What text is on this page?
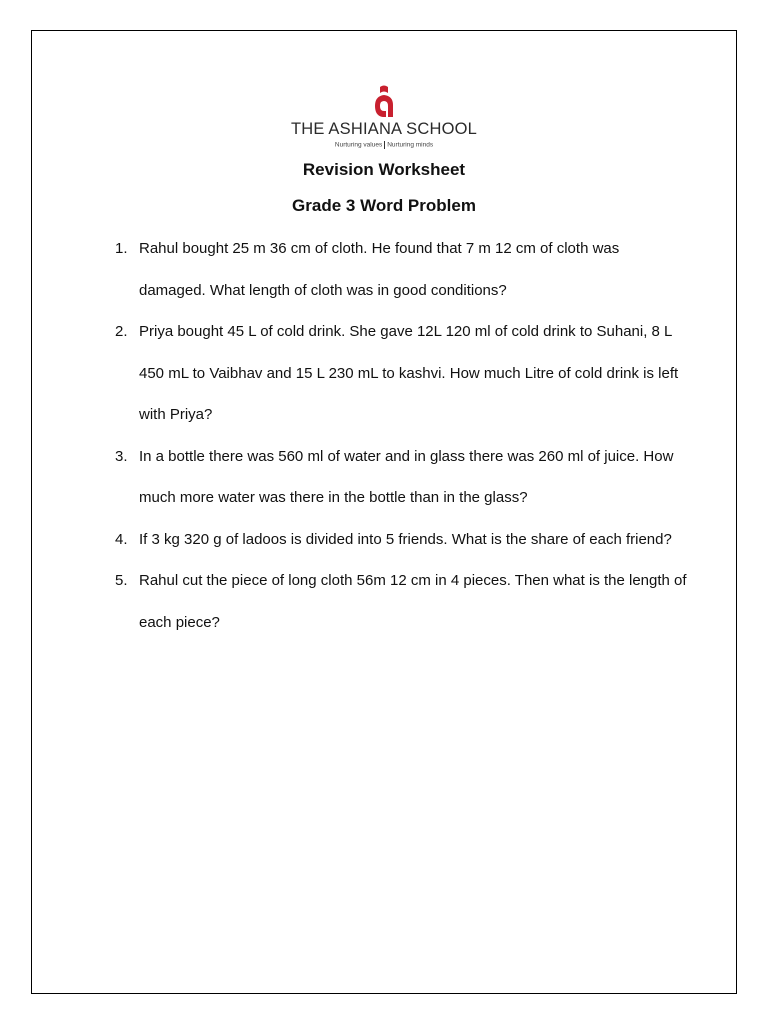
THE ASHIANA SCHOOL
Nurturing values Nurturing minds
Revision Worksheet
Grade 3 Word Problem
1. Rahul bought 25 m 36 cm of cloth. He found that 7 m 12 cm of cloth was damaged. What length of cloth was in good conditions?
2. Priya bought 45 L of cold drink. She gave 12L 120 ml of cold drink to Suhani, 8 L 450 mL to Vaibhav and 15 L 230 mL to kashvi. How much Litre of cold drink is left with Priya?
3. In a bottle there was 560 ml of water and in glass there was 260 ml of juice. How much more water was there in the bottle than in the glass?
4. If 3 kg 320 g of ladoos is divided into 5 friends. What is the share of each friend?
5. Rahul cut the piece of long cloth 56m 12 cm in 4 pieces. Then what is the length of each piece?
